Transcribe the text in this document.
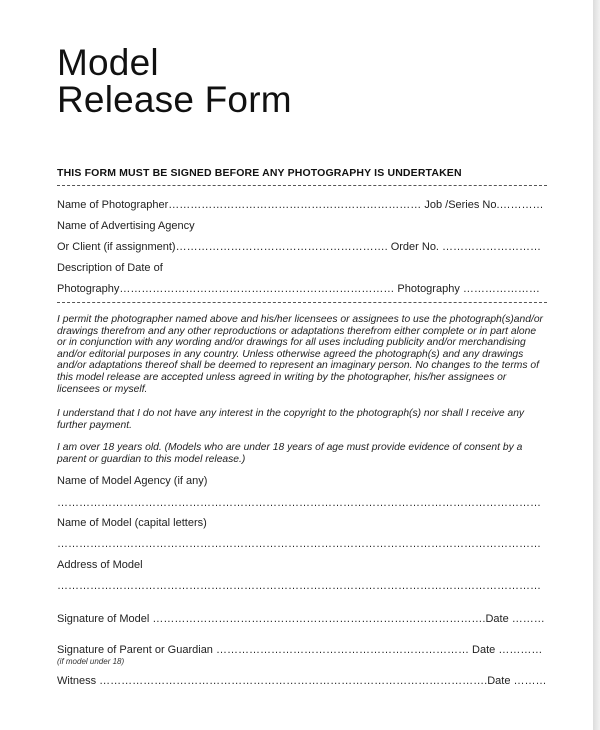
Model
Release Form
THIS FORM MUST BE SIGNED BEFORE ANY PHOTOGRAPHY IS UNDERTAKEN
Name of Photographer…………………………………………………………… Job /Series No.…………
Name of Advertising Agency
Or Client (if assignment)…………………………………………………. Order No. ………………………
Description of Date of
Photography………………………………………………………………… Photography …………………
I permit the photographer named above and his/her licensees or assignees to use the photograph(s)and/or drawings therefrom and any other reproductions or adaptations therefrom either complete or in part alone or in conjunction with any wording and/or drawings for all uses including publicity and/or merchandising and/or editorial purposes in any country. Unless otherwise agreed the photograph(s) and any drawings and/or adaptations thereof shall be deemed to represent an imaginary person. No changes to the terms of this model release are accepted unless agreed in writing by the photographer, his/her assignees or licensees or myself.
I understand that I do not have any interest in the copyright to the photograph(s) nor shall I receive any further payment.
I am over 18 years old. (Models who are under 18 years of age must provide evidence of consent by a parent or guardian to this model release.)
Name of Model Agency (if any)
……………………………………………………………………………………………………………………
Name of Model (capital letters)
……………………………………………………………………………………………………………………
Address of Model
……………………………………………………………………………………………………………………
Signature of Model ……………………………………………………………………………….Date ………
Signature of Parent or Guardian …………………………………………………………… Date …………
(if model under 18)
Witness …………………………………………………………………………………………….Date ………
